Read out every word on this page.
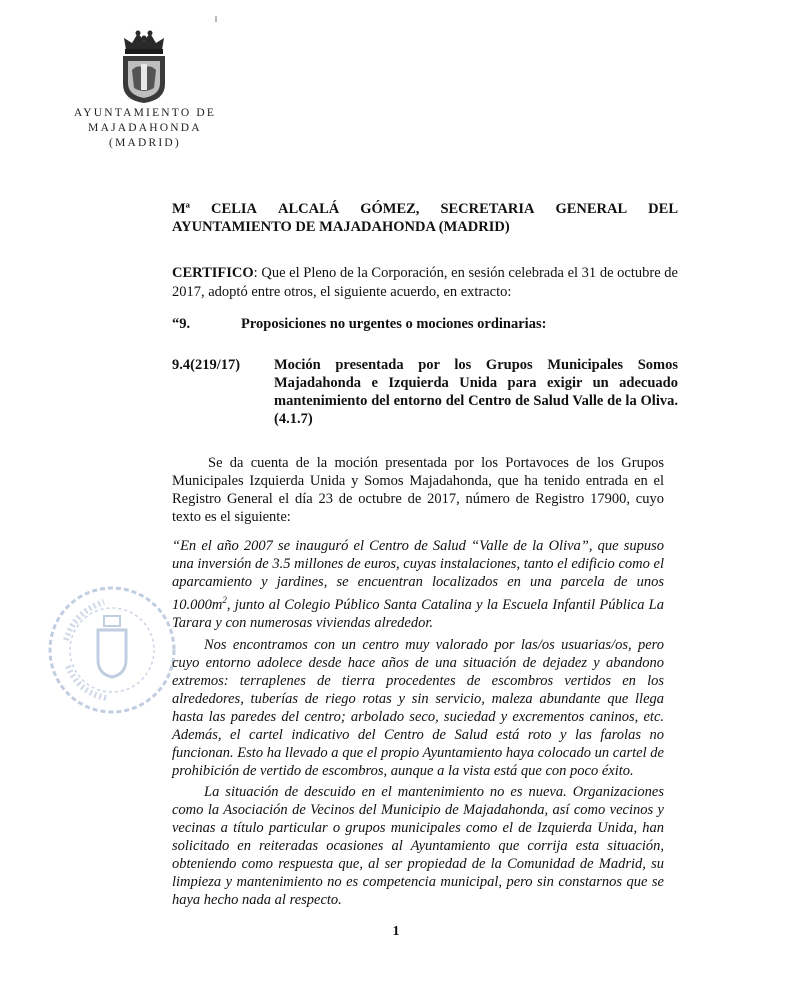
AYUNTAMIENTO DE
MAJADAHONDA
(MADRID)
Mª CELIA ALCALÁ GÓMEZ, SECRETARIA GENERAL DEL
AYUNTAMIENTO DE MAJADAHONDA (MADRID)
CERTIFICO: Que el Pleno de la Corporación, en sesión celebrada el 31 de octubre de 2017, adoptó entre otros, el siguiente acuerdo, en extracto:
“9.	Proposiciones no urgentes o mociones ordinarias:
9.4(219/17) Moción presentada por los Grupos Municipales Somos Majadahonda e Izquierda Unida para exigir un adecuado mantenimiento del entorno del Centro de Salud Valle de la Oliva. (4.1.7)
Se da cuenta de la moción presentada por los Portavoces de los Grupos Municipales Izquierda Unida y Somos Majadahonda, que ha tenido entrada en el Registro General el día 23 de octubre de 2017, número de Registro 17900, cuyo texto es el siguiente:
“En el año 2007 se inauguró el Centro de Salud “Valle de la Oliva”, que supuso una inversión de 3.5 millones de euros, cuyas instalaciones, tanto el edificio como el aparcamiento y jardines, se encuentran localizados en una parcela de unos $10.000m^2$, junto al Colegio Público Santa Catalina y la Escuela Infantil Pública La Tarara y con numerosas viviendas alrededor.
Nos encontramos con un centro muy valorado por las/os usuarias/os, pero cuyo entorno adolece desde hace años de una situación de dejadez y abandono extremos: terraplenes de tierra procedentes de escombros vertidos en los alrededores, tuberías de riego rotas y sin servicio, maleza abundante que llega hasta las paredes del centro; arbolado seco, suciedad y excrementos caninos, etc. Además, el cartel indicativo del Centro de Salud está roto y las farolas no funcionan. Esto ha llevado a que el propio Ayuntamiento haya colocado un cartel de prohibición de vertido de escombros, aunque a la vista está que con poco éxito.
La situación de descuido en el mantenimiento no es nueva. Organizaciones como la Asociación de Vecinos del Municipio de Majadahonda, así como vecinos y vecinas a título particular o grupos municipales como el de Izquierda Unida, han solicitado en reiteradas ocasiones al Ayuntamiento que corrija esta situación, obteniendo como respuesta que, al ser propiedad de la Comunidad de Madrid, su limpieza y mantenimiento no es competencia municipal, pero sin constarnos que se haya hecho nada al respecto.
1
